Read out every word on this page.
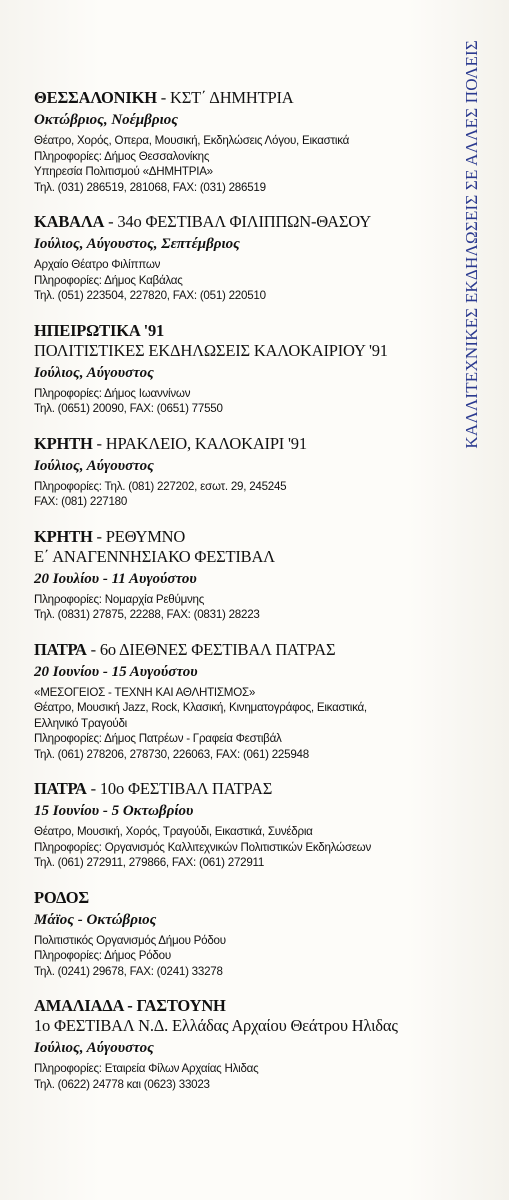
ΚΑΛΛΙΤΕΧΝΙΚΕΣ ΕΚΔΗΛΩΣΕΙΣ ΣΕ ΑΛΛΕΣ ΠΟΛΕΙΣ

ΘΕΣΣΑΛΟΝΙΚΗ - ΚΣΤ΄ ΔΗΜΗΤΡΙΑ

Οκτώβριος, Νοέμβριος

Θέατρο, Χορός, Οπερα, Μουσική, Εκδηλώσεις Λόγου, Εικαστικά

Πληροφορίες: Δήμος Θεσσαλονίκης

Υπηρεσία Πολιτισμού «ΔΗΜΗΤΡΙΑ»

Τηλ. (031) 286519, 281068, FAX: (031) 286519

ΚΑΒΑΛΑ - 34ο ΦΕΣΤΙΒΑΛ ΦΙΛΙΠΠΩΝ-ΘΑΣΟΥ

Ιούλιος, Αύγουστος, Σεπτέμβριος

Αρχαίο Θέατρο Φιλίππων

Πληροφορίες: Δήμος Καβάλας

Τηλ. (051) 223504, 227820, FAX: (051) 220510

ΗΠΕΙΡΩΤΙΚΑ '91

ΠΟΛΙΤΙΣΤΙΚΕΣ ΕΚΔΗΛΩΣΕΙΣ ΚΑΛΟΚΑΙΡΙΟΥ '91

Ιούλιος, Αύγουστος

Πληροφορίες: Δήμος Ιωαννίνων

Τηλ. (0651) 20090, FAX: (0651) 77550

ΚΡΗΤΗ - ΗΡΑΚΛΕΙΟ, ΚΑΛΟΚΑΙΡΙ '91

Ιούλιος, Αύγουστος

Πληροφορίες: Τηλ. (081) 227202, εσωτ. 29, 245245

FAX: (081) 227180

ΚΡΗΤΗ - ΡΕΘΥΜΝΟ

Ε΄ ΑΝΑΓΕΝΝΗΣΙΑΚΟ ΦΕΣΤΙΒΑΛ

20 Ιουλίου - 11 Αυγούστου

Πληροφορίες: Νομαρχία Ρεθύμνης

Τηλ. (0831) 27875, 22288, FAX: (0831) 28223

ΠΑΤΡΑ - 6ο ΔΙΕΘΝΕΣ ΦΕΣΤΙΒΑΛ ΠΑΤΡΑΣ

20 Ιουνίου - 15 Αυγούστου

«ΜΕΣΟΓΕΙΟΣ - ΤΕΧΝΗ ΚΑΙ ΑΘΛΗΤΙΣΜΟΣ»

Θέατρο, Μουσική Jazz, Rock, Κλασική, Κινηματογράφος, Εικαστικά,

Ελληνικό Τραγούδι

Πληροφορίες: Δήμος Πατρέων - Γραφεία Φεστιβάλ

Τηλ. (061) 278206, 278730, 226063, FAX: (061) 225948

ΠΑΤΡΑ - 10ο ΦΕΣΤΙΒΑΛ ΠΑΤΡΑΣ

15 Ιουνίου - 5 Οκτωβρίου

Θέατρο, Μουσική, Χορός, Τραγούδι, Εικαστικά, Συνέδρια

Πληροφορίες: Οργανισμός Καλλιτεχνικών Πολιτιστικών Εκδηλώσεων

Τηλ. (061) 272911, 279866, FAX: (061) 272911

ΡΟΔΟΣ

Μάϊος - Οκτώβριος

Πολιτιστικός Οργανισμός Δήμου Ρόδου

Πληροφορίες: Δήμος Ρόδου

Τηλ. (0241) 29678, FAX: (0241) 33278

ΑΜΑΛΙΑΔΑ - ΓΑΣΤΟΥΝΗ

1ο ΦΕΣΤΙΒΑΛ Ν.Δ. Ελλάδας Αρχαίου Θεάτρου Ηλιδας

Ιούλιος, Αύγουστος

Πληροφορίες: Εταιρεία Φίλων Αρχαίας Ηλιδας

Τηλ. (0622) 24778 και (0623) 33023
